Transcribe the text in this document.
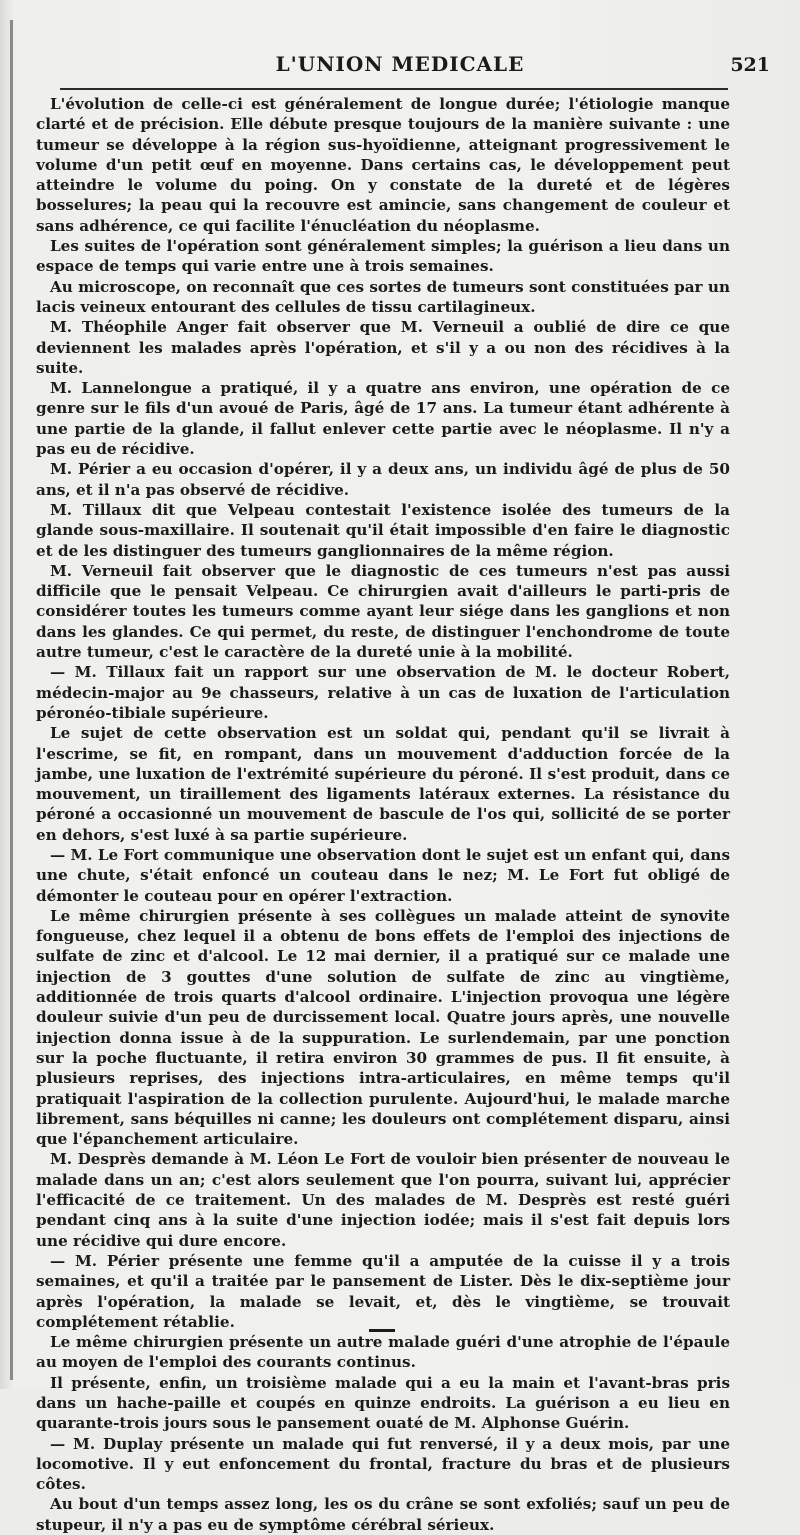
L'UNION MEDICALE	521

L'évolution de celle-ci est généralement de longue durée; l'étiologie manque clarté et de précision. Elle débute presque toujours de la manière suivante : une tumeur se développe à la région sus-hyoïdienne, atteignant progressivement le volume d'un petit œuf en moyenne. Dans certains cas, le développement peut atteindre le volume du poing. On y constate de la dureté et de légères bosselures; la peau qui la recouvre est amincie, sans changement de couleur et sans adhérence, ce qui facilite l'énucléation du néoplasme.

Les suites de l'opération sont généralement simples; la guérison a lieu dans un espace de temps qui varie entre une à trois semaines.

Au microscope, on reconnaît que ces sortes de tumeurs sont constituées par un lacis veineux entourant des cellules de tissu cartilagineux.

M. Théophile Anger fait observer que M. Verneuil a oublié de dire ce que deviennent les malades après l'opération, et s'il y a ou non des récidives à la suite.

M. Lannelongue a pratiqué, il y a quatre ans environ, une opération de ce genre sur le fils d'un avoué de Paris, âgé de 17 ans. La tumeur étant adhérente à une partie de la glande, il fallut enlever cette partie avec le néoplasme. Il n'y a pas eu de récidive.

M. Périer a eu occasion d'opérer, il y a deux ans, un individu âgé de plus de 50 ans, et il n'a pas observé de récidive.

M. Tillaux dit que Velpeau contestait l'existence isolée des tumeurs de la glande sous-maxillaire. Il soutenait qu'il était impossible d'en faire le diagnostic et de les distinguer des tumeurs ganglionnaires de la même région.

M. Verneuil fait observer que le diagnostic de ces tumeurs n'est pas aussi difficile que le pensait Velpeau. Ce chirurgien avait d'ailleurs le parti-pris de considérer toutes les tumeurs comme ayant leur siége dans les ganglions et non dans les glandes. Ce qui permet, du reste, de distinguer l'enchondrome de toute autre tumeur, c'est le caractère de la dureté unie à la mobilité.

— M. Tillaux fait un rapport sur une observation de M. le docteur Robert, médecin-major au 9e chasseurs, relative à un cas de luxation de l'articulation péronéo-tibiale supérieure.

Le sujet de cette observation est un soldat qui, pendant qu'il se livrait à l'escrime, se fit, en rompant, dans un mouvement d'adduction forcée de la jambe, une luxation de l'extrémité supérieure du péroné. Il s'est produit, dans ce mouvement, un tiraillement des ligaments latéraux externes. La résistance du péroné a occasionné un mouvement de bascule de l'os qui, sollicité de se porter en dehors, s'est luxé à sa partie supérieure.

— M. Le Fort communique une observation dont le sujet est un enfant qui, dans une chute, s'était enfoncé un couteau dans le nez; M. Le Fort fut obligé de démonter le couteau pour en opérer l'extraction.

Le même chirurgien présente à ses collègues un malade atteint de synovite fongueuse, chez lequel il a obtenu de bons effets de l'emploi des injections de sulfate de zinc et d'alcool. Le 12 mai dernier, il a pratiqué sur ce malade une injection de 3 gouttes d'une solution de sulfate de zinc au vingtième, additionnée de trois quarts d'alcool ordinaire. L'injection provoqua une légère douleur suivie d'un peu de durcissement local. Quatre jours après, une nouvelle injection donna issue à de la suppuration. Le surlendemain, par une ponction sur la poche fluctuante, il retira environ 30 grammes de pus. Il fit ensuite, à plusieurs reprises, des injections intra-articulaires, en même temps qu'il pratiquait l'aspiration de la collection purulente. Aujourd'hui, le malade marche librement, sans béquilles ni canne; les douleurs ont complétement disparu, ainsi que l'épanchement articulaire.

M. Desprès demande à M. Léon Le Fort de vouloir bien présenter de nouveau le malade dans un an; c'est alors seulement que l'on pourra, suivant lui, apprécier l'efficacité de ce traitement. Un des malades de M. Desprès est resté guéri pendant cinq ans à la suite d'une injection iodée; mais il s'est fait depuis lors une récidive qui dure encore.

— M. Périer présente une femme qu'il a amputée de la cuisse il y a trois semaines, et qu'il a traitée par le pansement de Lister. Dès le dix-septième jour après l'opération, la malade se levait, et, dès le vingtième, se trouvait complétement rétablie.

Le même chirurgien présente un autre malade guéri d'une atrophie de l'épaule au moyen de l'emploi des courants continus.

Il présente, enfin, un troisième malade qui a eu la main et l'avant-bras pris dans un hache-paille et coupés en quinze endroits. La guérison a eu lieu en quarante-trois jours sous le pansement ouaté de M. Alphonse Guérin.

— M. Duplay présente un malade qui fut renversé, il y a deux mois, par une locomotive. Il y eut enfoncement du frontal, fracture du bras et de plusieurs côtes.

Au bout d'un temps assez long, les os du crâne se sont exfoliés; sauf un peu de stupeur, il n'y a pas eu de symptôme cérébral sérieux.
